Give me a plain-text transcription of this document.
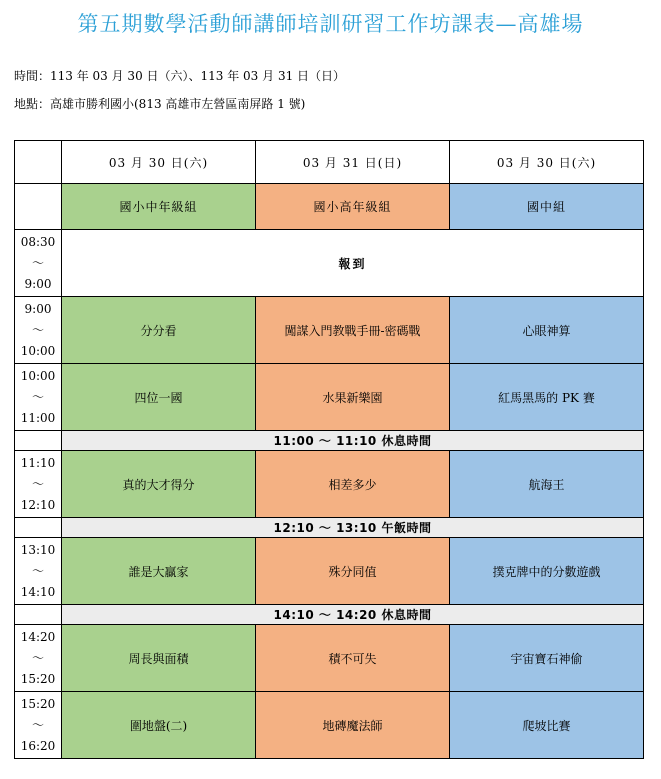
第五期數學活動師講師培訓研習工作坊課表—高雄場
時間：113 年 03 月 30 日（六）、113 年 03 月 31 日（日）
地點：高雄市勝利國小(813 高雄市左營區南屏路 1 號)
	03 月 30 日(六)	03 月 31 日(日)	03 月 30 日(六)
	國小中年級組	國小高年級組	國中組

08:30
～
9:00	報到		

9:00
～
10:00	分分看	闖謀入門教戰手冊-密碼戰	心眼神算

10:00
～
11:00	四位一國	水果新樂園	紅馬黑馬的 PK 賽
	11:00 ～ 11:10 休息時間		

11:10
～
12:10	真的大才得分	相差多少	航海王
	12:10 ～ 13:10 午飯時間		

13:10
～
14:10	誰是大贏家	殊分同值	撲克牌中的分數遊戲
	14:10 ～ 14:20 休息時間		

14:20
～
15:20	周長與面積	積不可失	宇宙寶石神偷

15:20
～
16:20	圍地盤(二)	地磚魔法師	爬坡比賽
